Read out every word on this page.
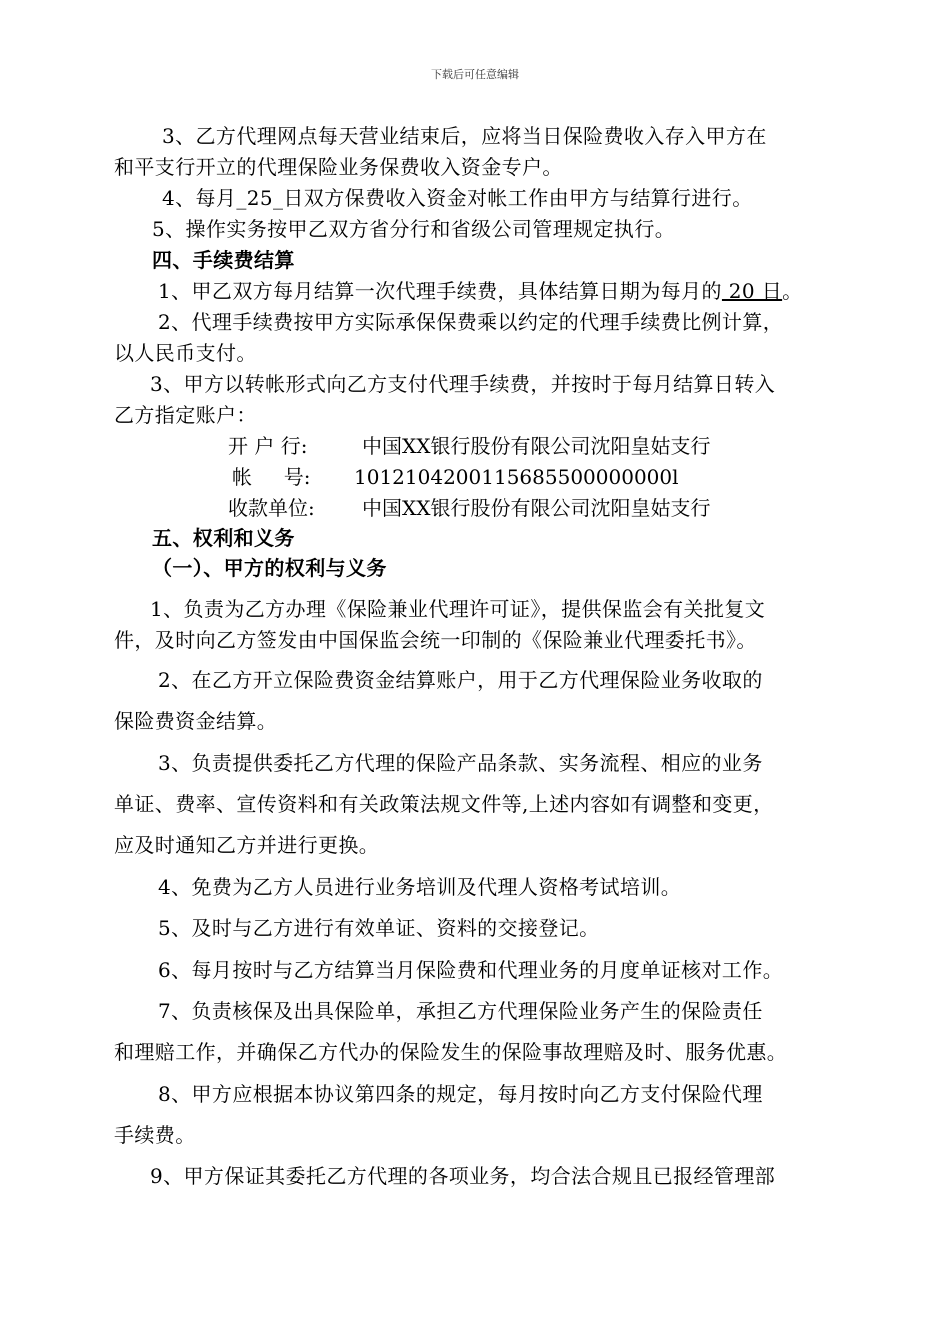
下载后可任意编辑
3、乙方代理网点每天营业结束后，应将当日保险费收入存入甲方在
和平支行开立的代理保险业务保费收入资金专户。
4、每月_25_日双方保费收入资金对帐工作由甲方与结算行进行。
5、操作实务按甲乙双方省分行和省级公司管理规定执行。
四、手续费结算
1、甲乙双方每月结算一次代理手续费，具体结算日期为每月的 20 日。
2、代理手续费按甲方实际承保保费乘以约定的代理手续费比例计算，
以人民币支付。
3、甲方以转帐形式向乙方支付代理手续费，并按时于每月结算日转入
乙方指定账户：
开 户 行:	中国XX银行股份有限公司沈阳皇姑支行
帐     号: 1012104200115685500000000l
收款单位: 中国XX银行股份有限公司沈阳皇姑支行
五、权利和义务
（一）、甲方的权利与义务
1、负责为乙方办理《保险兼业代理许可证》，提供保监会有关批复文
件，及时向乙方签发由中国保监会统一印制的《保险兼业代理委托书》。
2、在乙方开立保险费资金结算账户，用于乙方代理保险业务收取的
保险费资金结算。
3、负责提供委托乙方代理的保险产品条款、实务流程、相应的业务
单证、费率、宣传资料和有关政策法规文件等,上述内容如有调整和变更，
应及时通知乙方并进行更换。
4、免费为乙方人员进行业务培训及代理人资格考试培训。
5、及时与乙方进行有效单证、资料的交接登记。
6、每月按时与乙方结算当月保险费和代理业务的月度单证核对工作。
7、负责核保及出具保险单，承担乙方代理保险业务产生的保险责任
和理赔工作，并确保乙方代办的保险发生的保险事故理赔及时、服务优惠。
8、甲方应根据本协议第四条的规定，每月按时向乙方支付保险代理
手续费。
9、甲方保证其委托乙方代理的各项业务，均合法合规且已报经管理部
